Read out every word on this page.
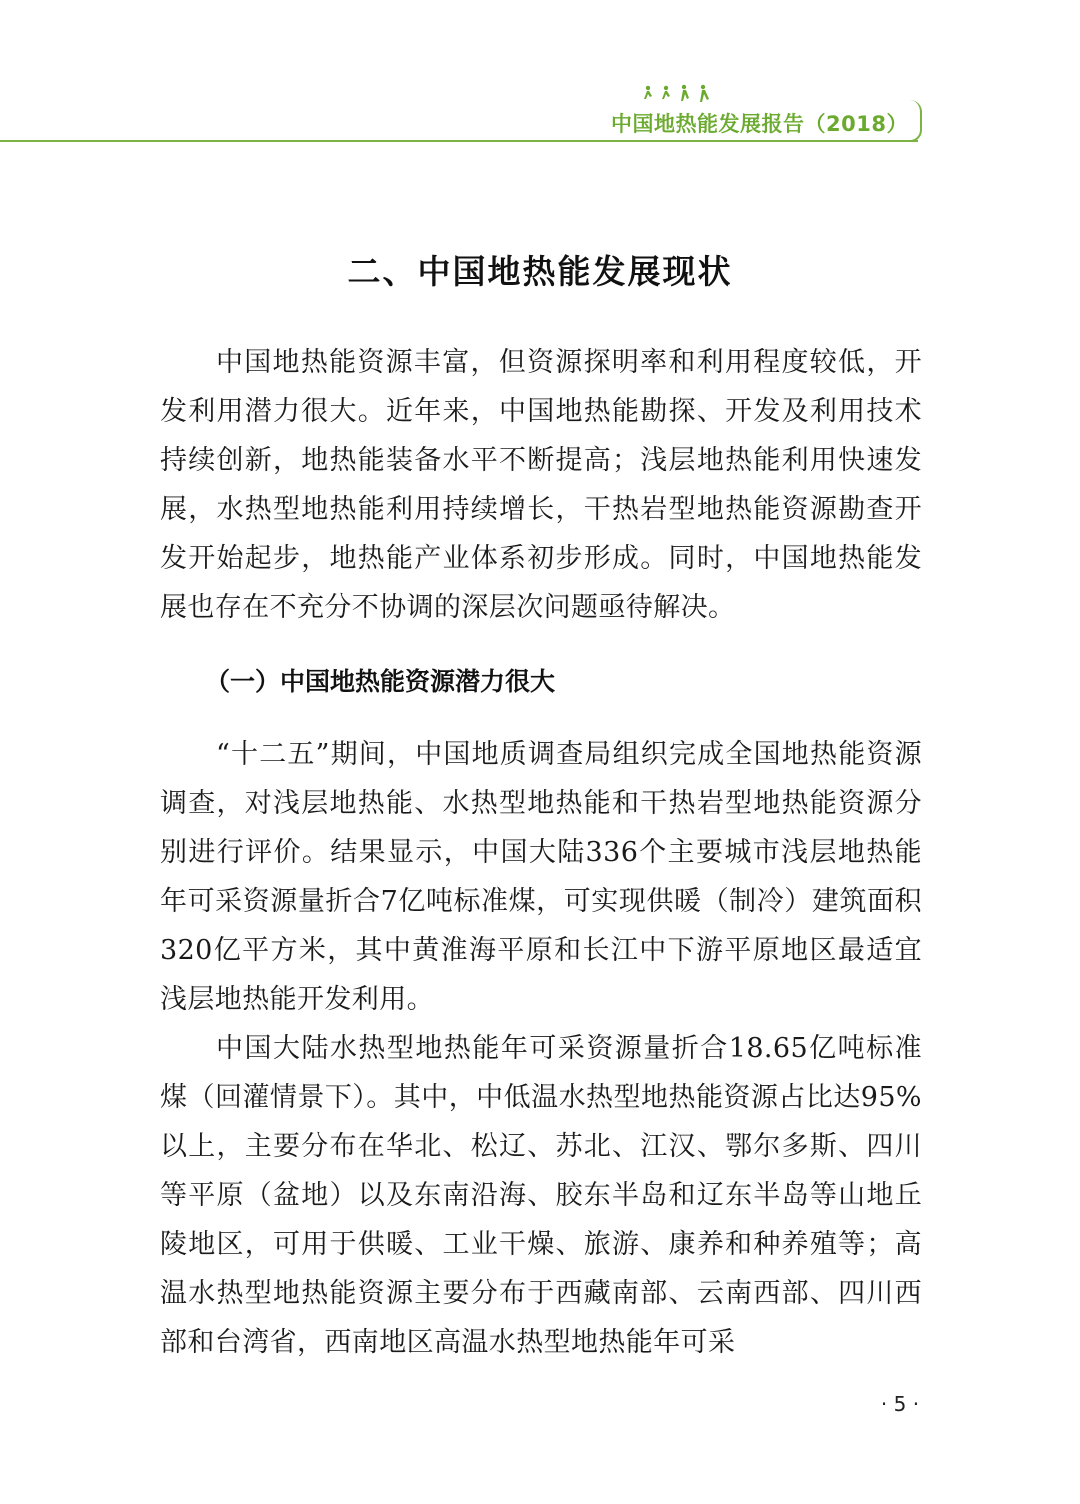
中国地热能发展报告（2018）
二、中国地热能发展现状

中国地热能资源丰富，但资源探明率和利用程度较低，开发利用潜力很大。近年来，中国地热能勘探、开发及利用技术持续创新，地热能装备水平不断提高；浅层地热能利用快速发展，水热型地热能利用持续增长，干热岩型地热能资源勘查开发开始起步，地热能产业体系初步形成。同时，中国地热能发展也存在不充分不协调的深层次问题亟待解决。

（一）中国地热能资源潜力很大

“十二五”期间，中国地质调查局组织完成全国地热能资源调查，对浅层地热能、水热型地热能和干热岩型地热能资源分别进行评价。结果显示，中国大陆336个主要城市浅层地热能年可采资源量折合7亿吨标准煤，可实现供暖（制冷）建筑面积320亿平方米，其中黄淮海平原和长江中下游平原地区最适宜浅层地热能开发利用。

中国大陆水热型地热能年可采资源量折合18.65亿吨标准煤（回灌情景下）。其中，中低温水热型地热能资源占比达95%以上，主要分布在华北、松辽、苏北、江汉、鄂尔多斯、四川等平原（盆地）以及东南沿海、胶东半岛和辽东半岛等山地丘陵地区，可用于供暖、工业干燥、旅游、康养和种养殖等；高温水热型地热能资源主要分布于西藏南部、云南西部、四川西部和台湾省，西南地区高温水热型地热能年可采

· 5 ·
